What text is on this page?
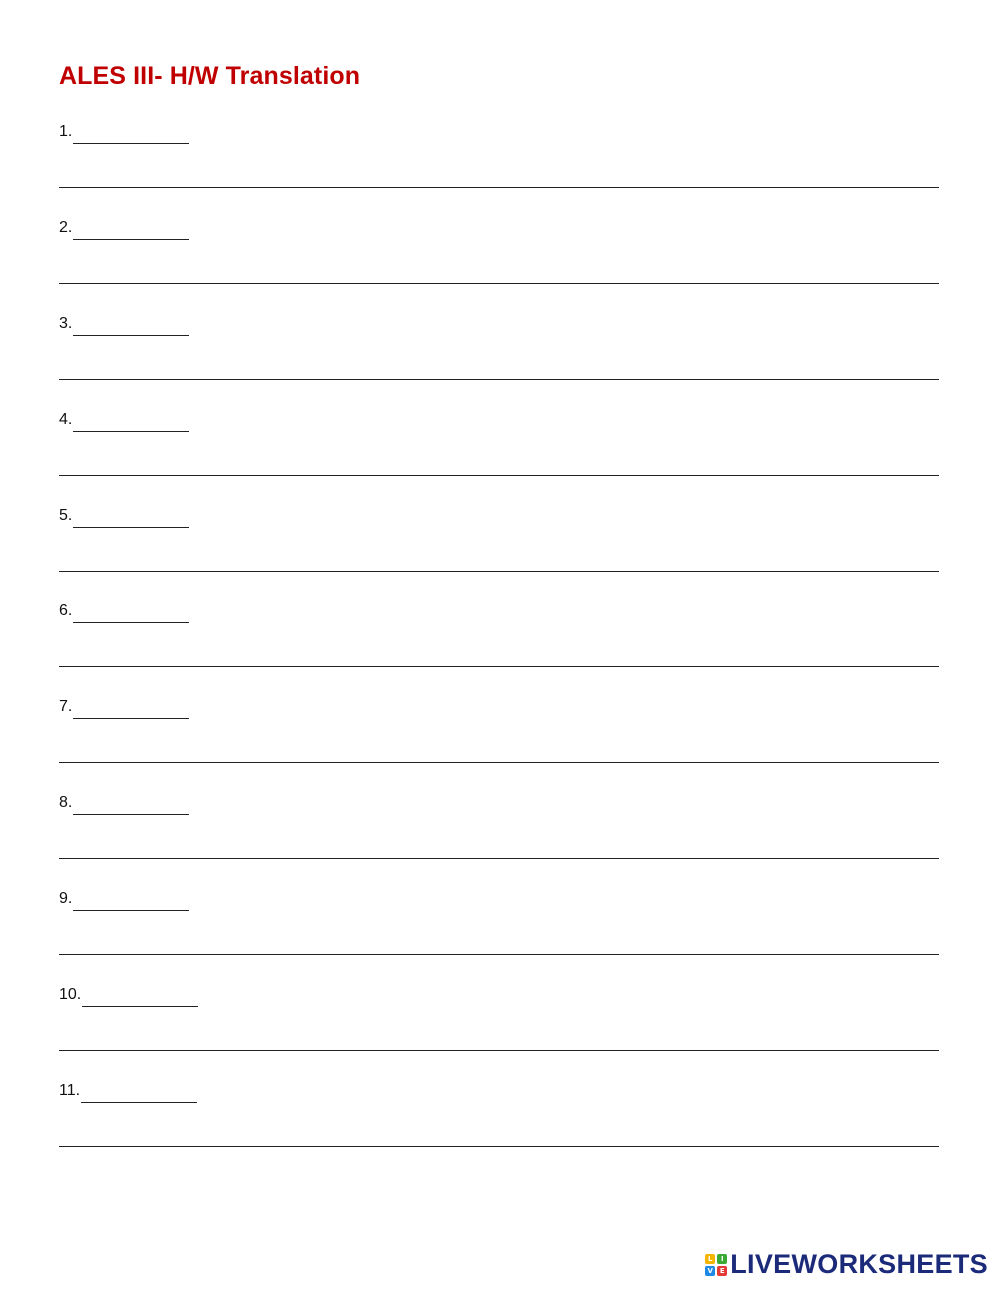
ALES III- H/W Translation
1.
2.
3.
4.
5.
6.
7.
8.
9.
10.
11.
L	I
V E LIVEWORKSHEETS
